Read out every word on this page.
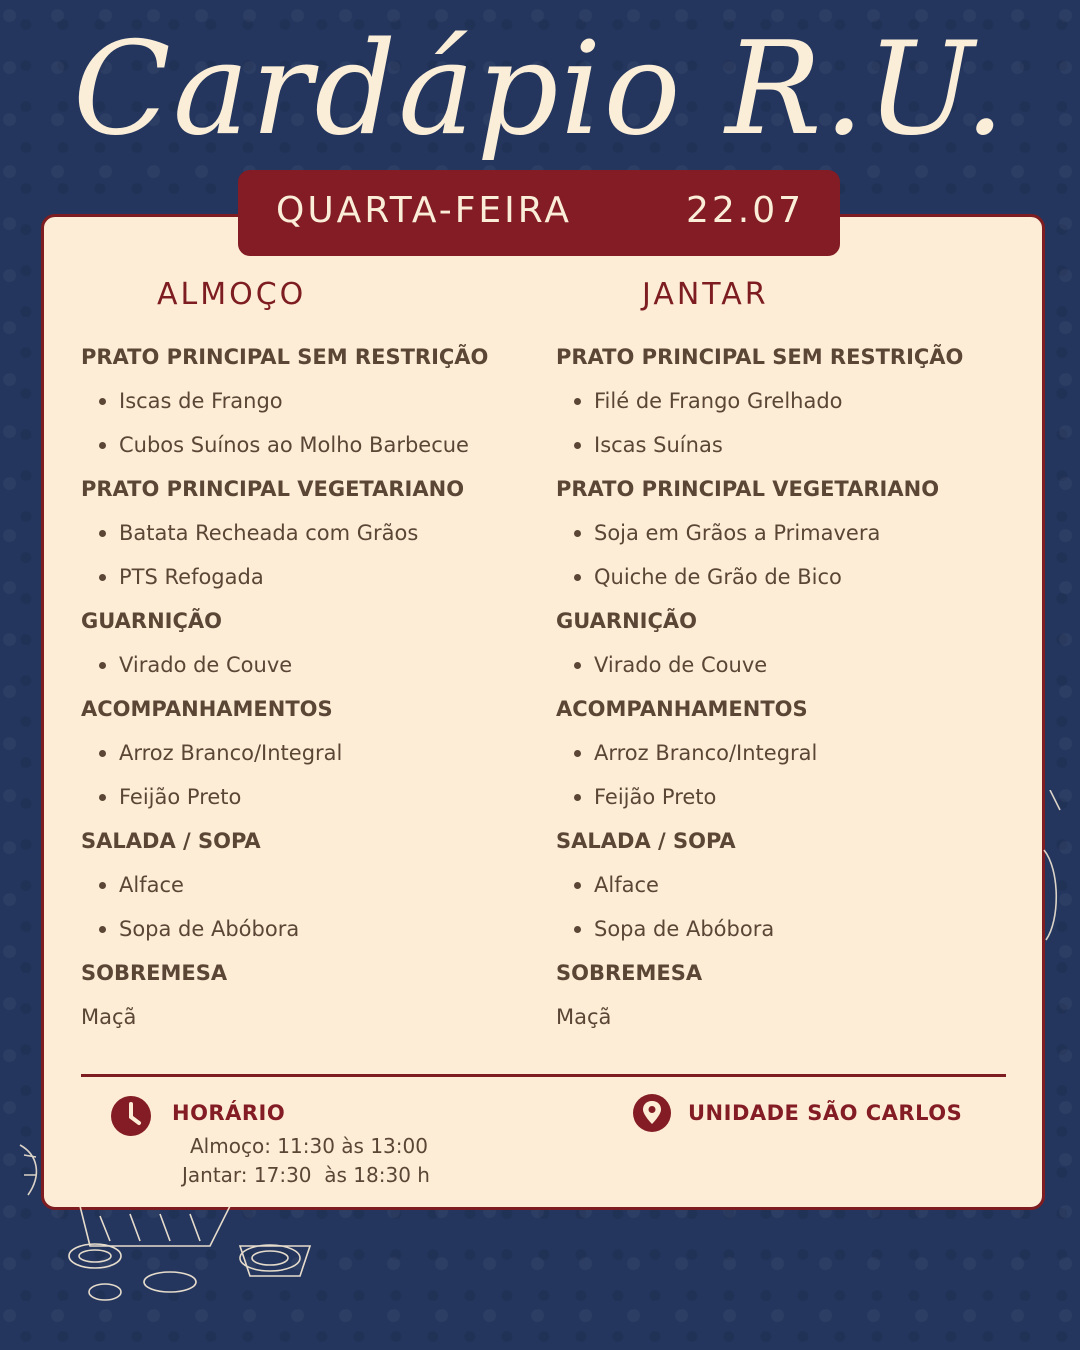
Cardápio R.U.
ALMOÇO
PRATO PRINCIPAL SEM RESTRIÇÃO
Iscas de Frango
Cubos Suínos ao Molho Barbecue
PRATO PRINCIPAL VEGETARIANO
Batata Recheada com Grãos
PTS Refogada
GUARNIÇÃO
Virado de Couve
ACOMPANHAMENTOS
Arroz Branco/Integral
Feijão Preto
SALADA / SOPA
Alface
Sopa de Abóbora
SOBREMESA
Maçã
JANTAR
PRATO PRINCIPAL SEM RESTRIÇÃO
Filé de Frango Grelhado
Iscas Suínas
PRATO PRINCIPAL VEGETARIANO
Soja em Grãos a Primavera
Quiche de Grão de Bico
GUARNIÇÃO
Virado de Couve
ACOMPANHAMENTOS
Arroz Branco/Integral
Feijão Preto
SALADA / SOPA
Alface
Sopa de Abóbora
SOBREMESA
Maçã
HORÁRIO
Almoço: 11:30 às 13:00
Jantar: 17:30  às 18:30 h
UNIDADE SÃO CARLOS
QUARTA-FEIRA	22.07
